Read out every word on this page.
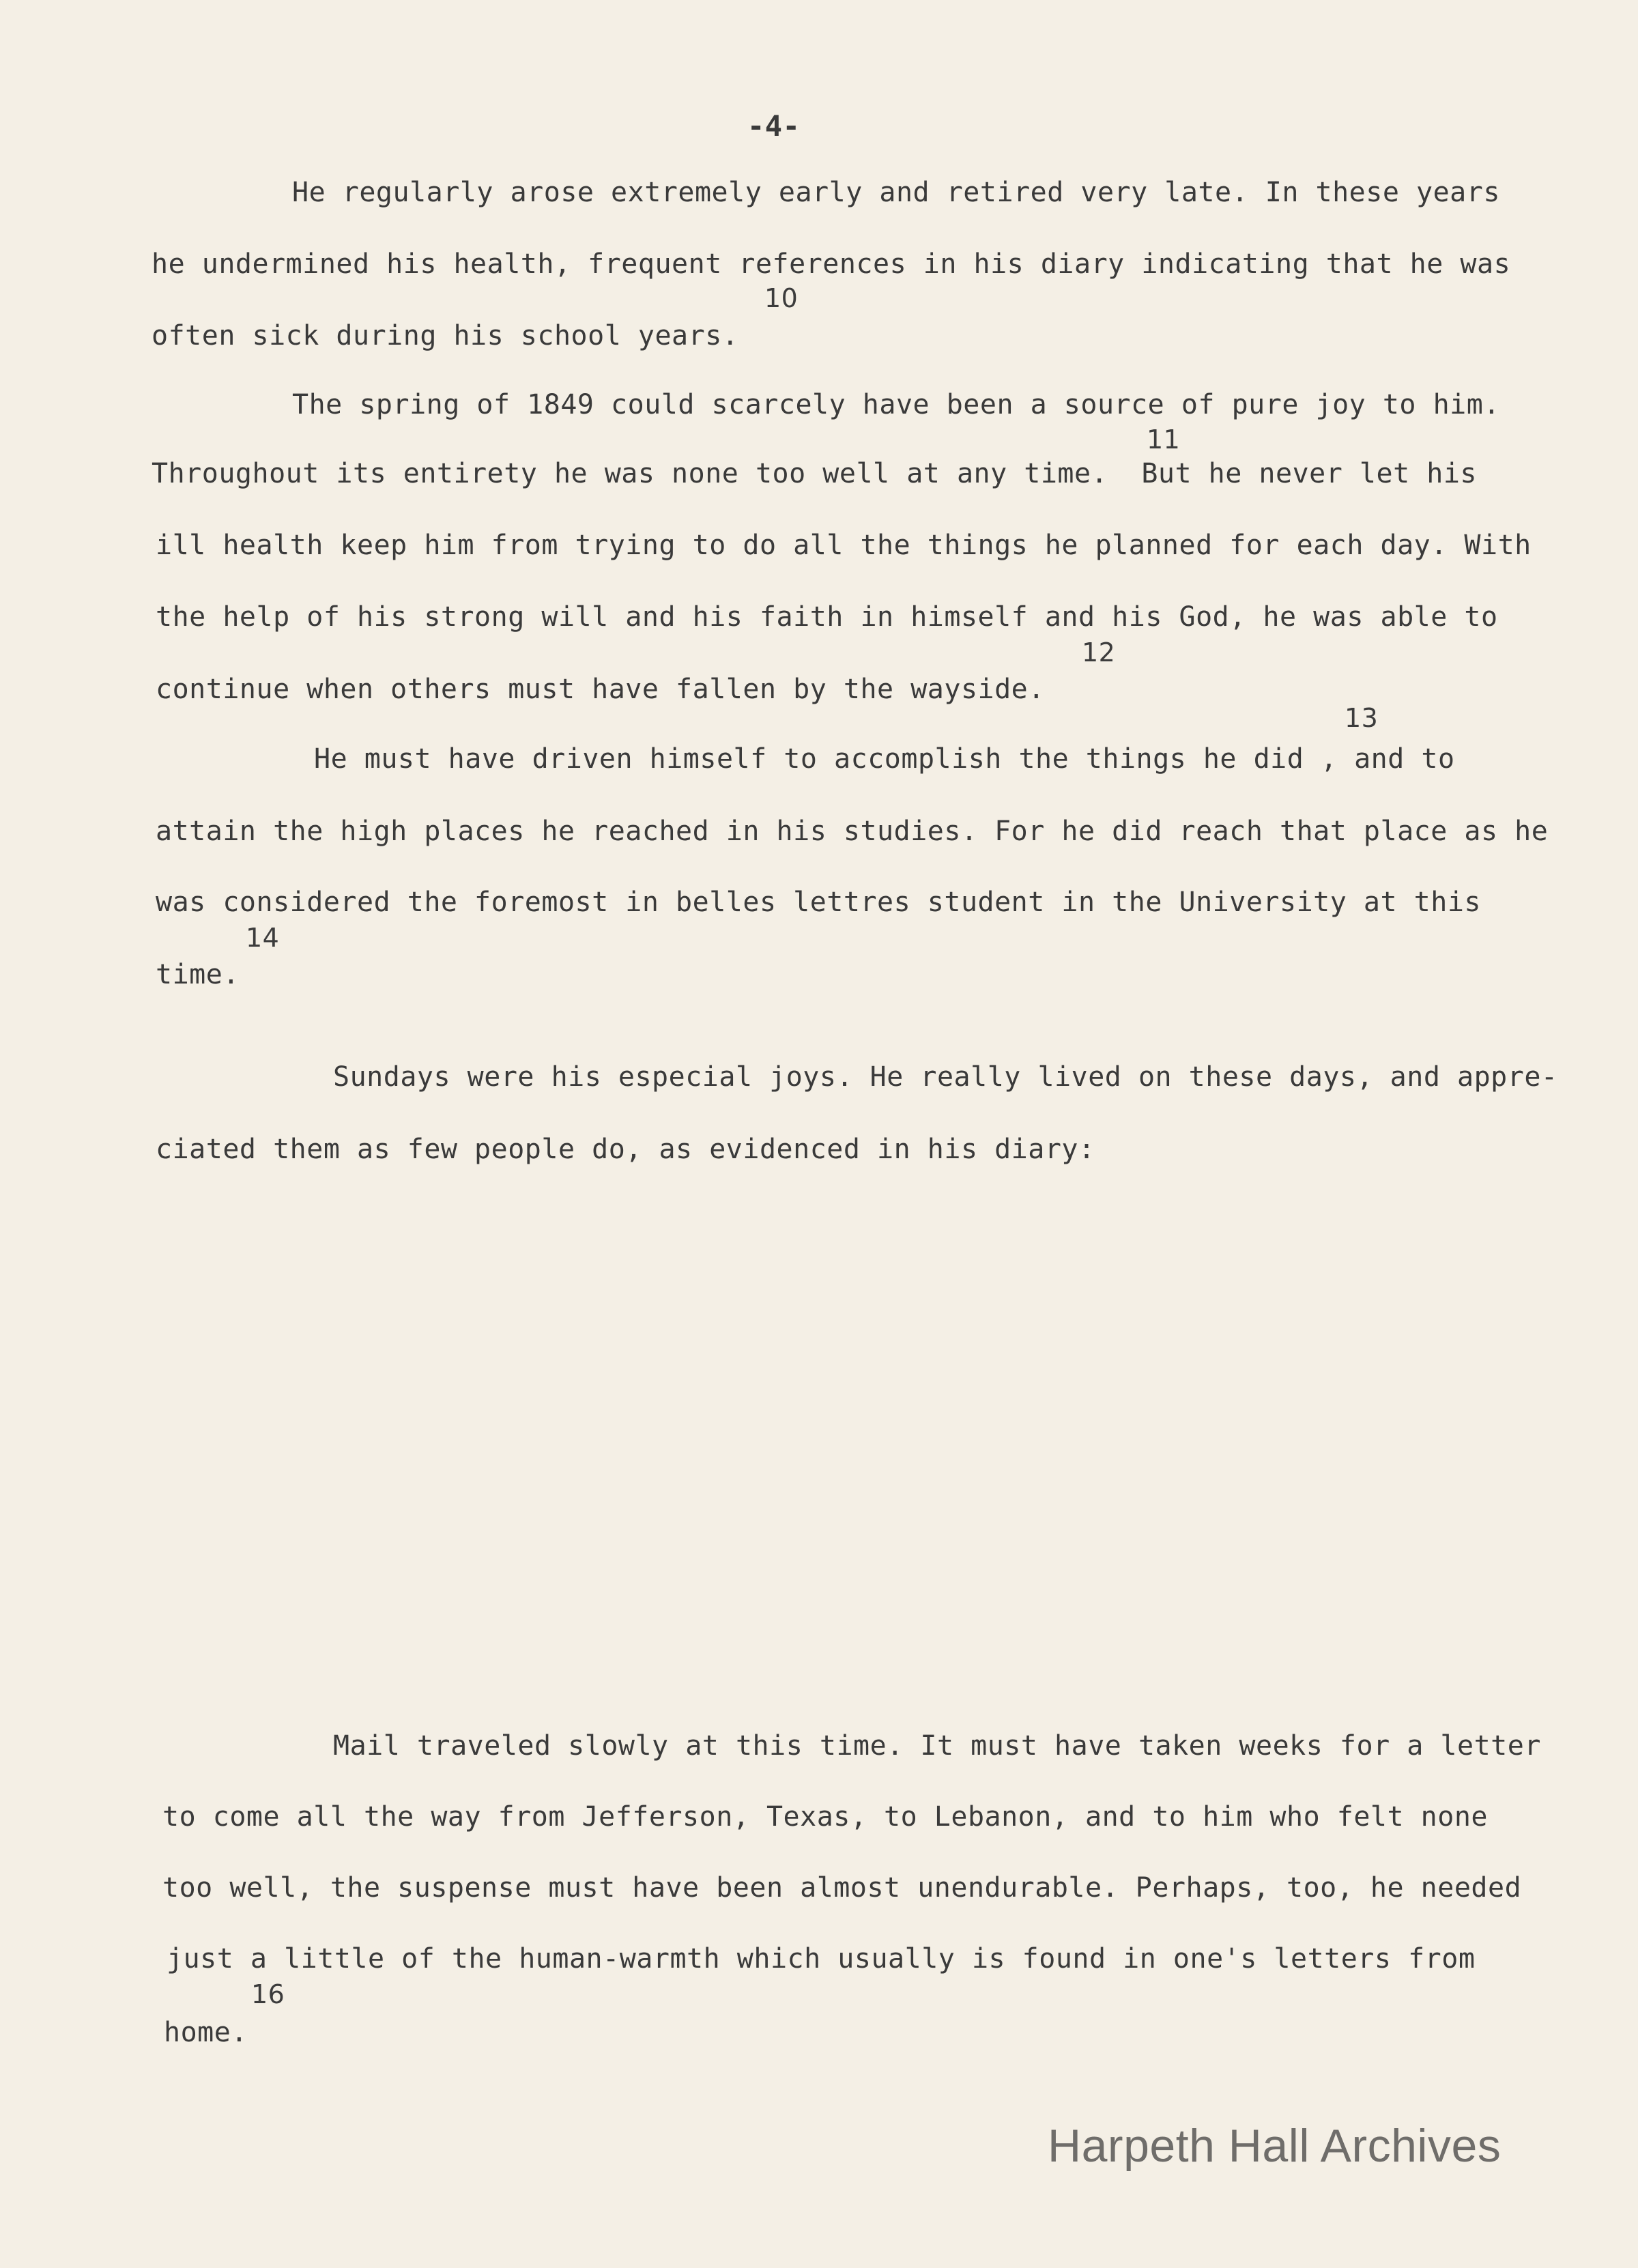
-4-
He regularly arose extremely early and retired very late. In these years
he undermined his health, frequent references in his diary indicating that he was
10
often sick during his school years.
The spring of 1849 could scarcely have been a source of pure joy to him.
11
Throughout its entirety he was none too well at any time.  But he never let his
ill health keep him from trying to do all the things he planned for each day. With
the help of his strong will and his faith in himself and his God, he was able to
12
continue when others must have fallen by the wayside.
13
He must have driven himself to accomplish the things he did , and to
attain the high places he reached in his studies. For he did reach that place as he
was considered the foremost in belles lettres student in the University at this
14
time.
Sundays were his especial joys. He really lived on these days, and appre-
ciated them as few people do, as evidenced in his diary:
Mail traveled slowly at this time. It must have taken weeks for a letter
to come all the way from Jefferson, Texas, to Lebanon, and to him who felt none
too well, the suspense must have been almost unendurable. Perhaps, too, he needed
just a little of the human-warmth which usually is found in one's letters from
16
home.
Harpeth Hall Archives
